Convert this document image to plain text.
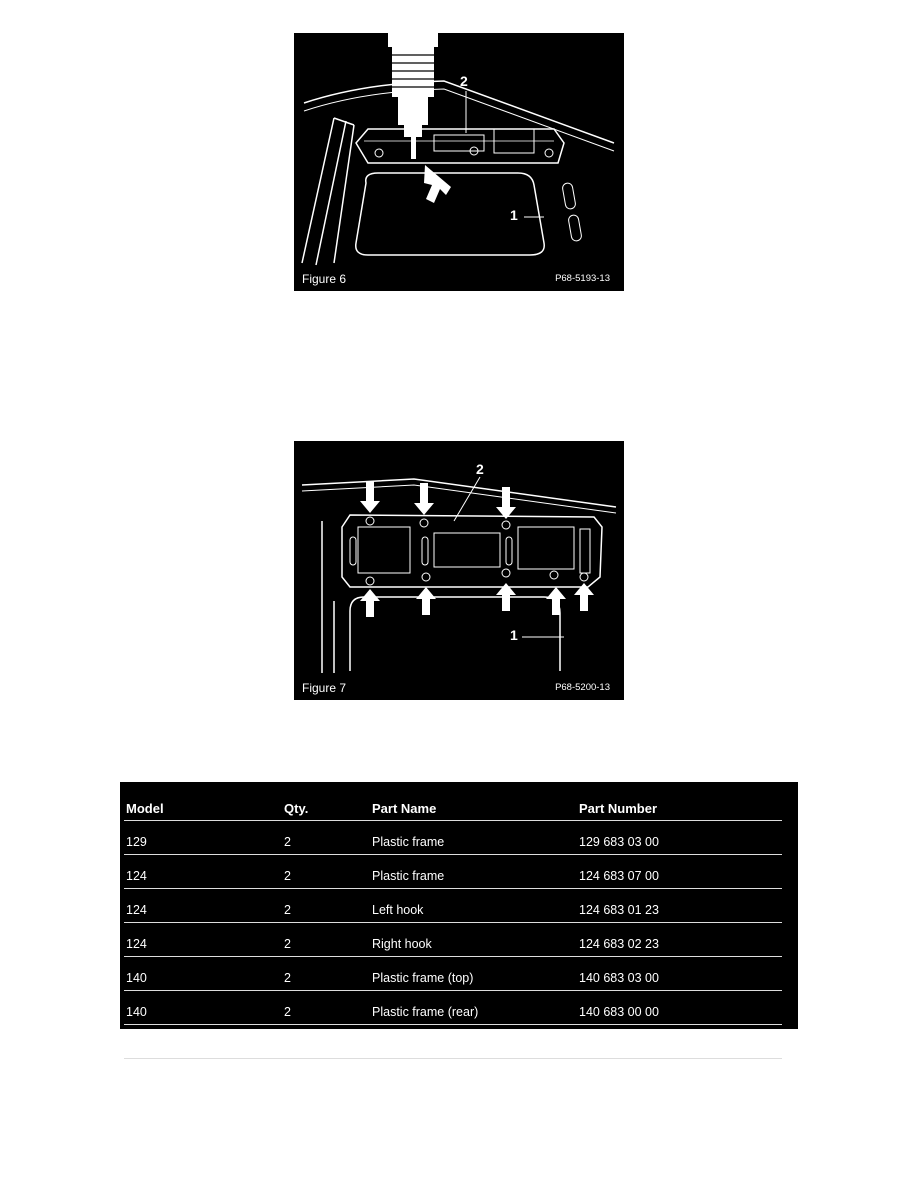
2
1
Figure 6	P68-5193-13
2
1
Figure 7	P68-5200-13
Model	Qty.	Part Name	Part Number
129	2	Plastic frame	129 683 03 00
124	2	Plastic frame	124 683 07 00
124	2	Left hook	124 683 01 23
124	2	Right hook	124 683 02 23
140	2	Plastic frame (top)	140 683 03 00
140	2	Plastic frame (rear)	140 683 00 00
	20	Screw	124 990 00 30
